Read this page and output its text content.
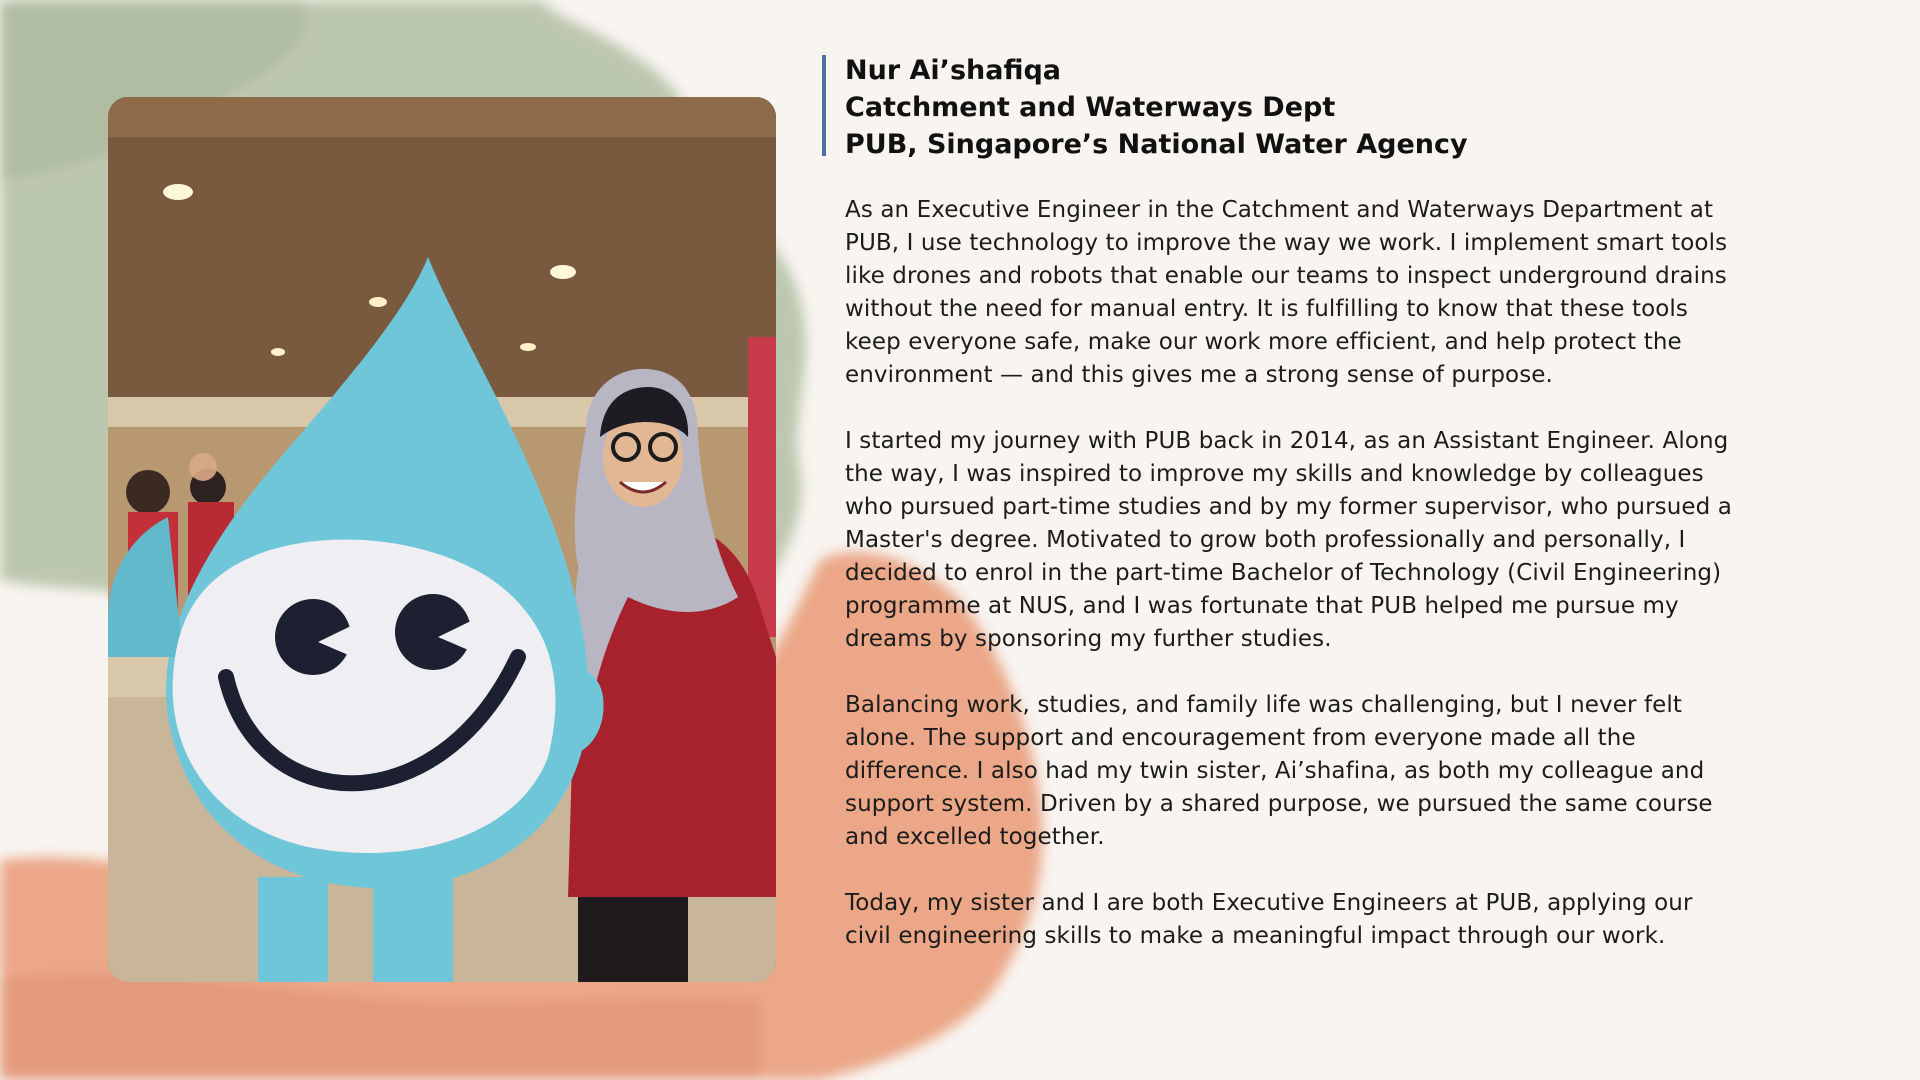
Nur Ai’shafiqa
Catchment and Waterways Dept
PUB, Singapore’s National Water Agency

As an Executive Engineer in the Catchment and Waterways Department at PUB, I use technology to improve the way we work. I implement smart tools like drones and robots that enable our teams to inspect underground drains without the need for manual entry. It is fulfilling to know that these tools keep everyone safe, make our work more efficient, and help protect the environment — and this gives me a strong sense of purpose.

I started my journey with PUB back in 2014, as an Assistant Engineer. Along the way, I was inspired to improve my skills and knowledge by colleagues who pursued part-time studies and by my former supervisor, who pursued a Master's degree. Motivated to grow both professionally and personally, I decided to enrol in the part-time Bachelor of Technology (Civil Engineering) programme at NUS, and I was fortunate that PUB helped me pursue my dreams by sponsoring my further studies.

Balancing work, studies, and family life was challenging, but I never felt alone. The support and encouragement from everyone made all the difference. I also had my twin sister, Ai’shafina, as both my colleague and support system. Driven by a shared purpose, we pursued the same course and excelled together.

Today, my sister and I are both Executive Engineers at PUB, applying our civil engineering skills to make a meaningful impact through our work.
